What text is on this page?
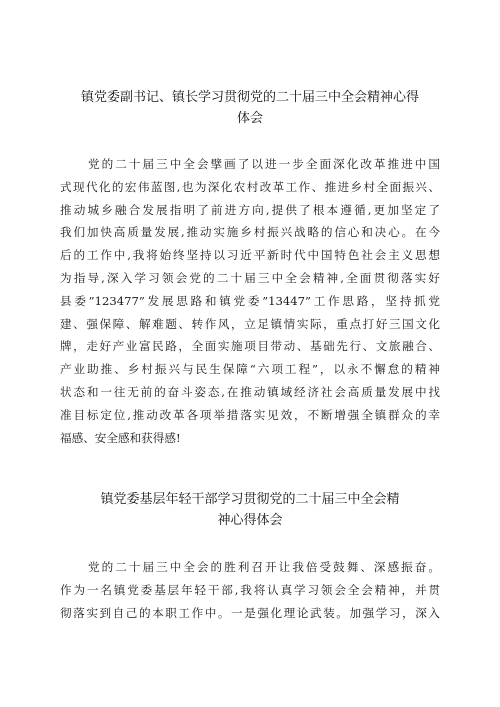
镇党委副书记、镇长学习贯彻党的二十届三中全会精神心得
体会
党的二十届三中全会擘画了以进一步全面深化改革推进中国
式现代化的宏伟蓝图,也为深化农村改革工作、推进乡村全面振兴、
推动城乡融合发展指明了前进方向,提供了根本遵循,更加坚定了
我们加快高质量发展,推动实施乡村振兴战略的信心和决心。在今
后的工作中,我将始终坚持以习近平新时代中国特色社会主义思想
为指导,深入学习领会党的二十届三中全会精神,全面贯彻落实好
县委”123477”发展思路和镇党委”13447”工作思路，坚持抓党
建、强保障、解难题、转作风，立足镇情实际，重点打好三国文化
牌，走好产业富民路，全面实施项目带动、基础先行、文旅融合、
产业助推、乡村振兴与民生保障“六项工程”，以永不懈怠的精神
状态和一往无前的奋斗姿态,在推动镇域经济社会高质量发展中找
准目标定位,推动改革各项举措落实见效，不断增强全镇群众的幸
福感、安全感和获得感!
镇党委基层年轻干部学习贯彻党的二十届三中全会精
神心得体会
党的二十届三中全会的胜利召开让我倍受鼓舞、深感振奋。
作为一名镇党委基层年轻干部,我将认真学习领会全会精神，并贯
彻落实到自己的本职工作中。一是强化理论武装。加强学习，深入
